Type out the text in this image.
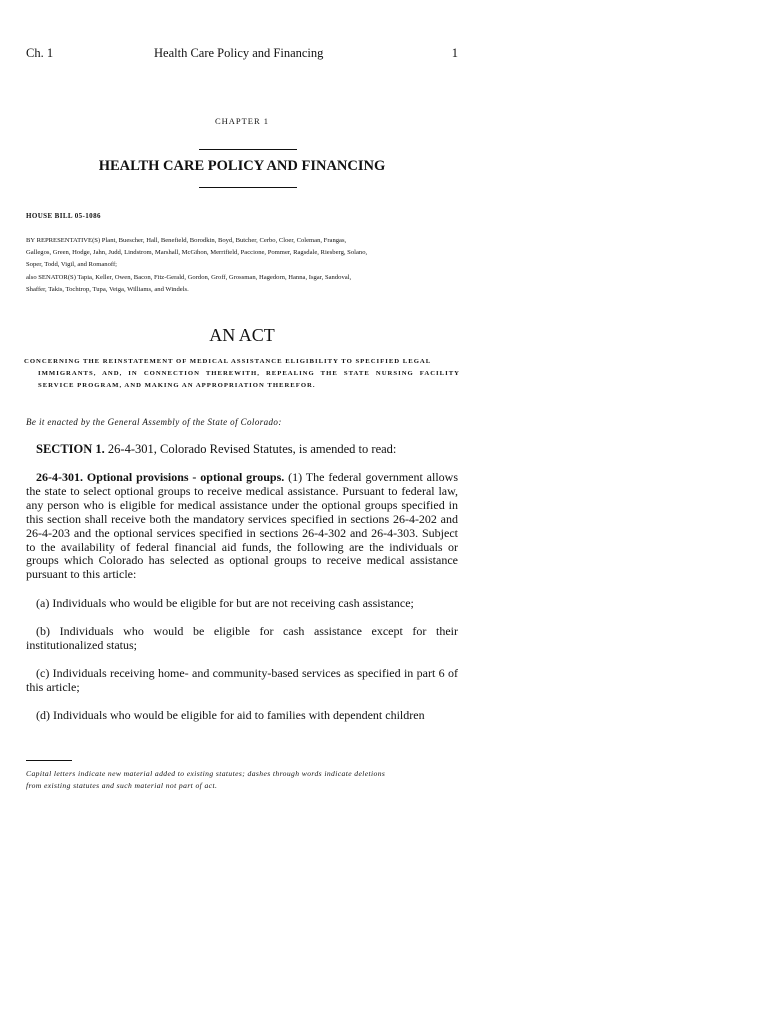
Ch. 1	Health Care Policy and Financing	1
CHAPTER 1
HEALTH CARE POLICY AND FINANCING
HOUSE BILL 05-1086

BY REPRESENTATIVE(S) Plant, Buescher, Hall, Benefield, Borodkin, Boyd, Butcher, Cerbo, Cloer, Coleman, Frangas,

Gallegos, Green, Hodge, Jahn, Judd, Lindstrom, Marshall, McGihon, Merrifield, Paccione, Pommer, Ragsdale, Riesberg, Solano,

Soper, Todd, Vigil, and Romanoff;

also SENATOR(S) Tapia, Keller, Owen, Bacon, Fitz-Gerald, Gordon, Groff, Grossman, Hagedorn, Hanna, Isgar, Sandoval,

Shaffer, Takis, Tochtrop, Tupa, Veiga, Williams, and Windels.

AN ACT
CONCERNING THE REINSTATEMENT OF MEDICAL ASSISTANCE ELIGIBILITY TO SPECIFIED LEGAL
IMMIGRANTS, AND, IN CONNECTION THEREWITH, REPEALING THE STATE NURSING FACILITY
SERVICE PROGRAM, AND MAKING AN APPROPRIATION THEREFOR.
Be it enacted by the General Assembly of the State of Colorado:
SECTION 1. 26-4-301, Colorado Revised Statutes, is amended to read:
26-4-301. Optional provisions - optional groups. (1) The federal government allows the state to select optional groups to receive medical assistance. Pursuant to federal law, any person who is eligible for medical assistance under the optional groups specified in this section shall receive both the mandatory services specified in sections 26-4-202 and 26-4-203 and the optional services specified in sections 26-4-302 and 26-4-303. Subject to the availability of federal financial aid funds, the following are the individuals or groups which Colorado has selected as optional groups to receive medical assistance pursuant to this article:
(a) Individuals who would be eligible for but are not receiving cash assistance;
(b) Individuals who would be eligible for cash assistance except for their institutionalized status;
(c) Individuals receiving home- and community-based services as specified in part 6 of this article;
(d) Individuals who would be eligible for aid to families with dependent children

Capital letters indicate new material added to existing statutes; dashes through words indicate deletions

from existing statutes and such material not part of act.
